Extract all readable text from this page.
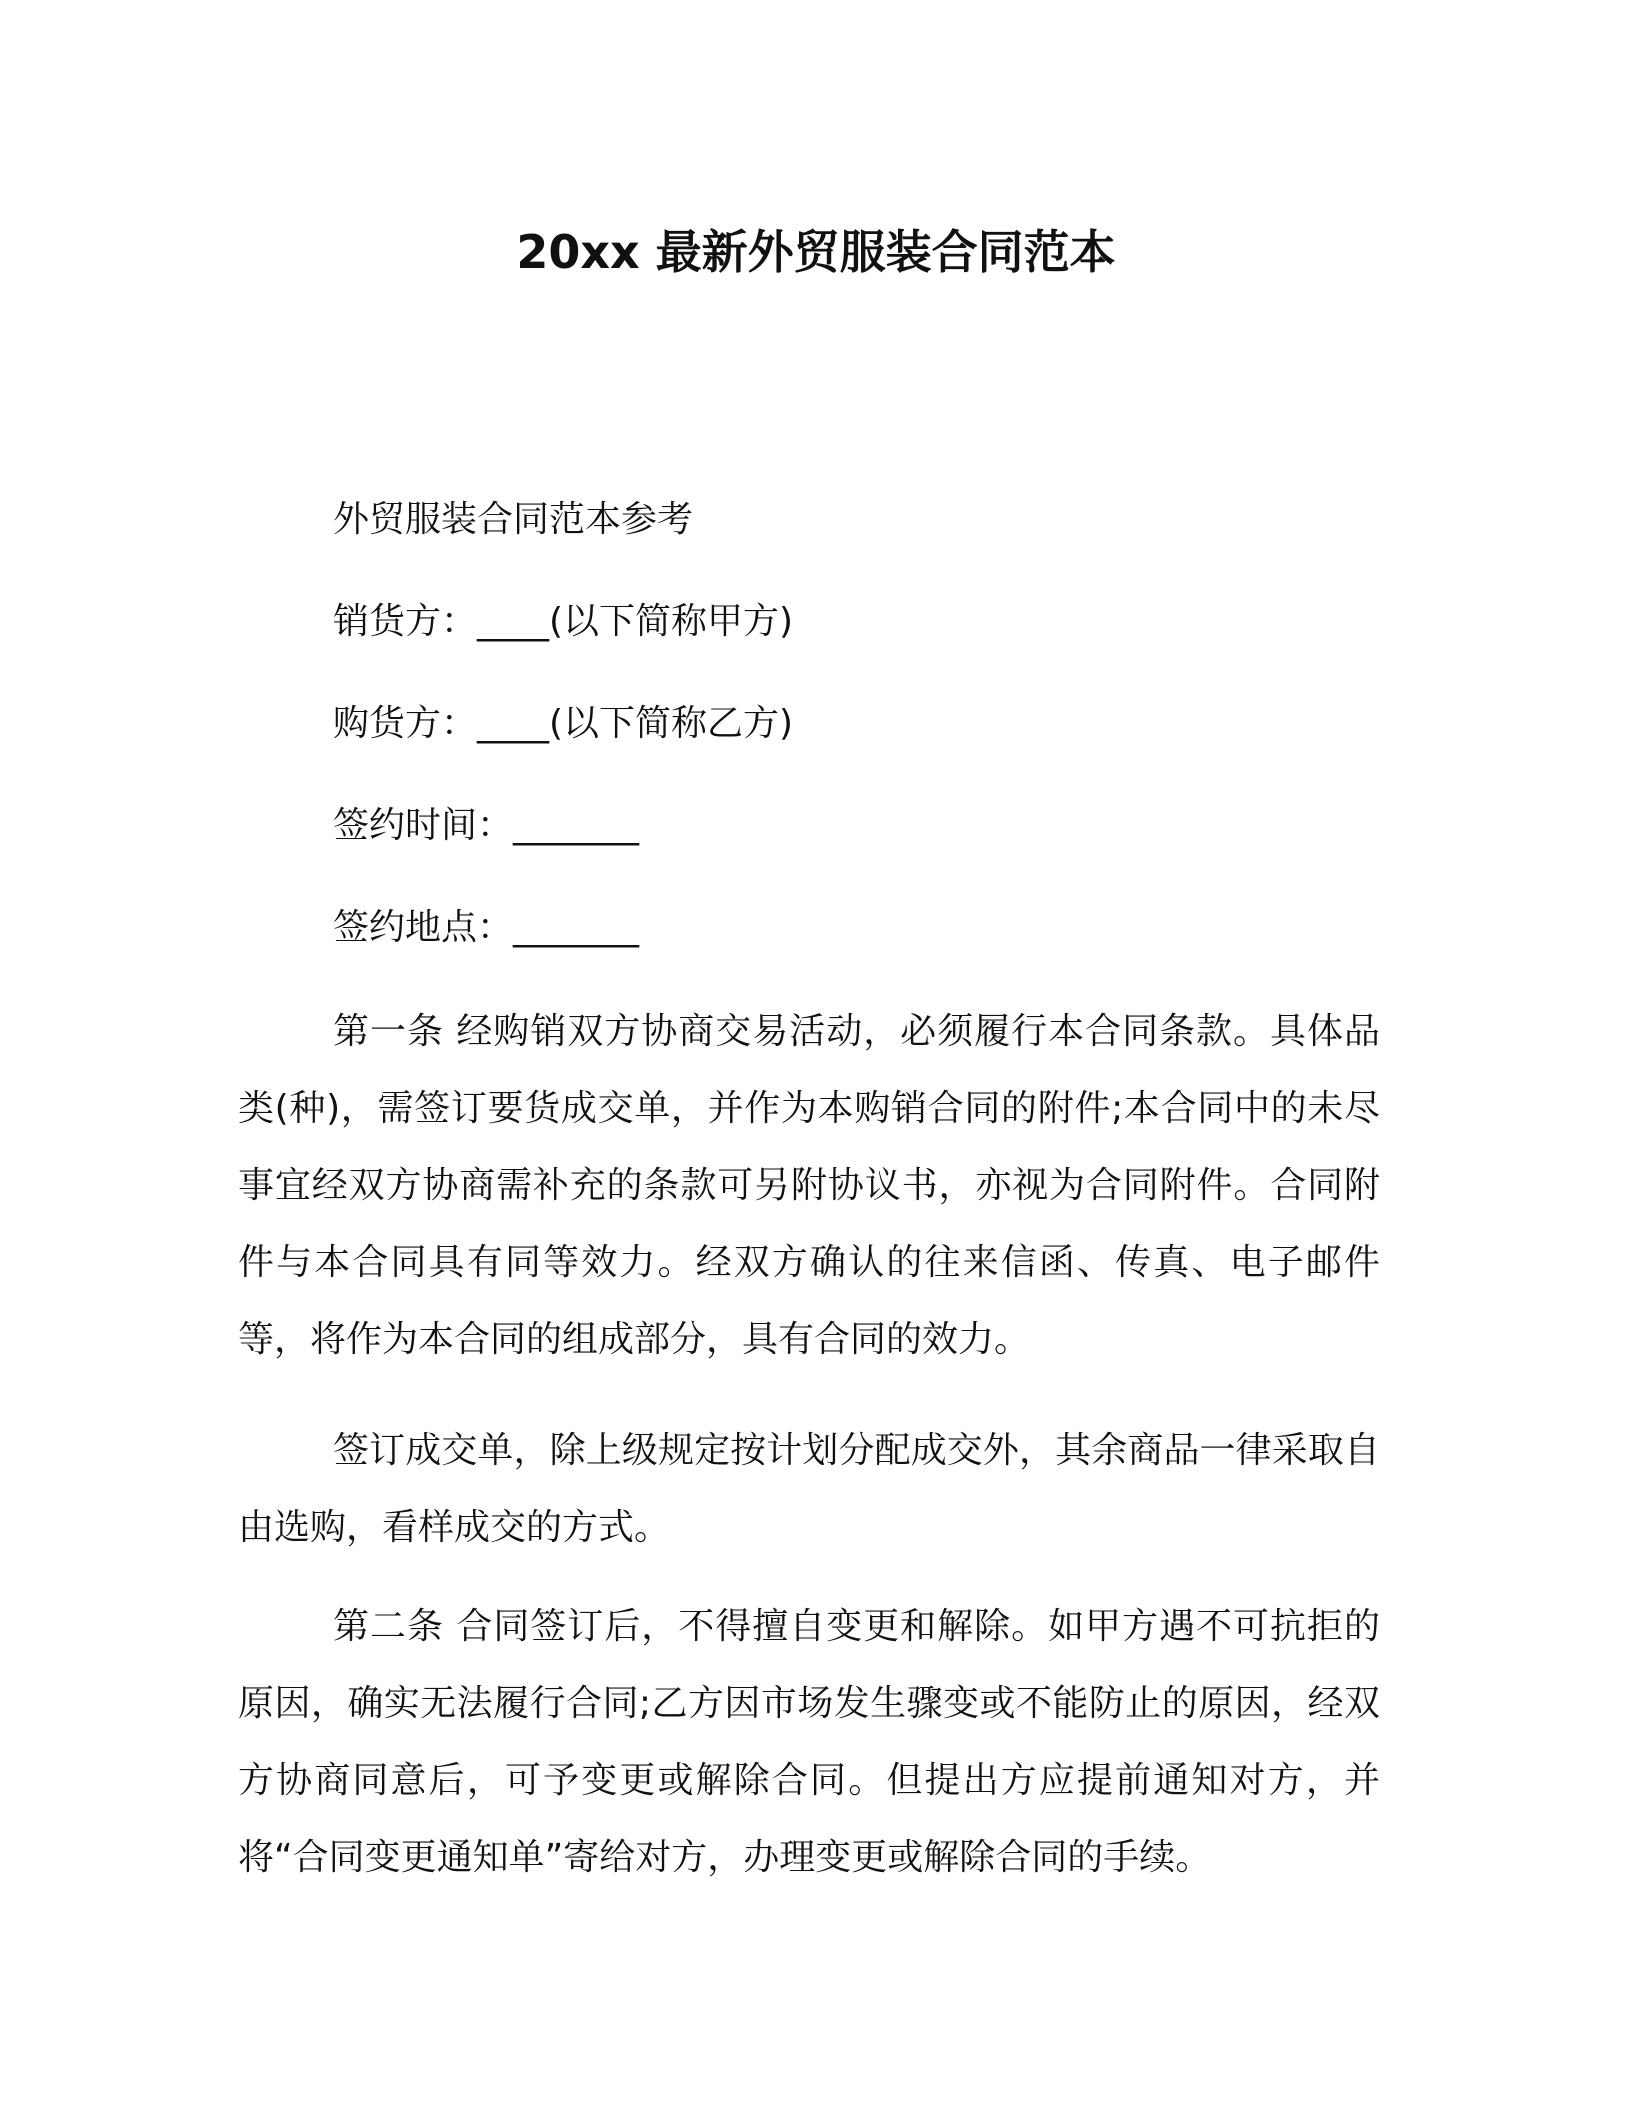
20xx 最新外贸服装合同范本
外贸服装合同范本参考
销货方：____(以下简称甲方)
购货方：____(以下简称乙方)
签约时间：_______
签约地点：_______

第一条 经购销双方协商交易活动，必须履行本合同条款。具体品类(种)，需签订要货成交单，并作为本购销合同的附件;本合同中的未尽事宜经双方协商需补充的条款可另附协议书，亦视为合同附件。合同附件与本合同具有同等效力。经双方确认的往来信函、传真、电子邮件等，将作为本合同的组成部分，具有合同的效力。

签订成交单，除上级规定按计划分配成交外，其余商品一律采取自由选购，看样成交的方式。

第二条 合同签订后，不得擅自变更和解除。如甲方遇不可抗拒的原因，确实无法履行合同;乙方因市场发生骤变或不能防止的原因，经双方协商同意后，可予变更或解除合同。但提出方应提前通知对方，并将“合同变更通知单”寄给对方，办理变更或解除合同的手续。
